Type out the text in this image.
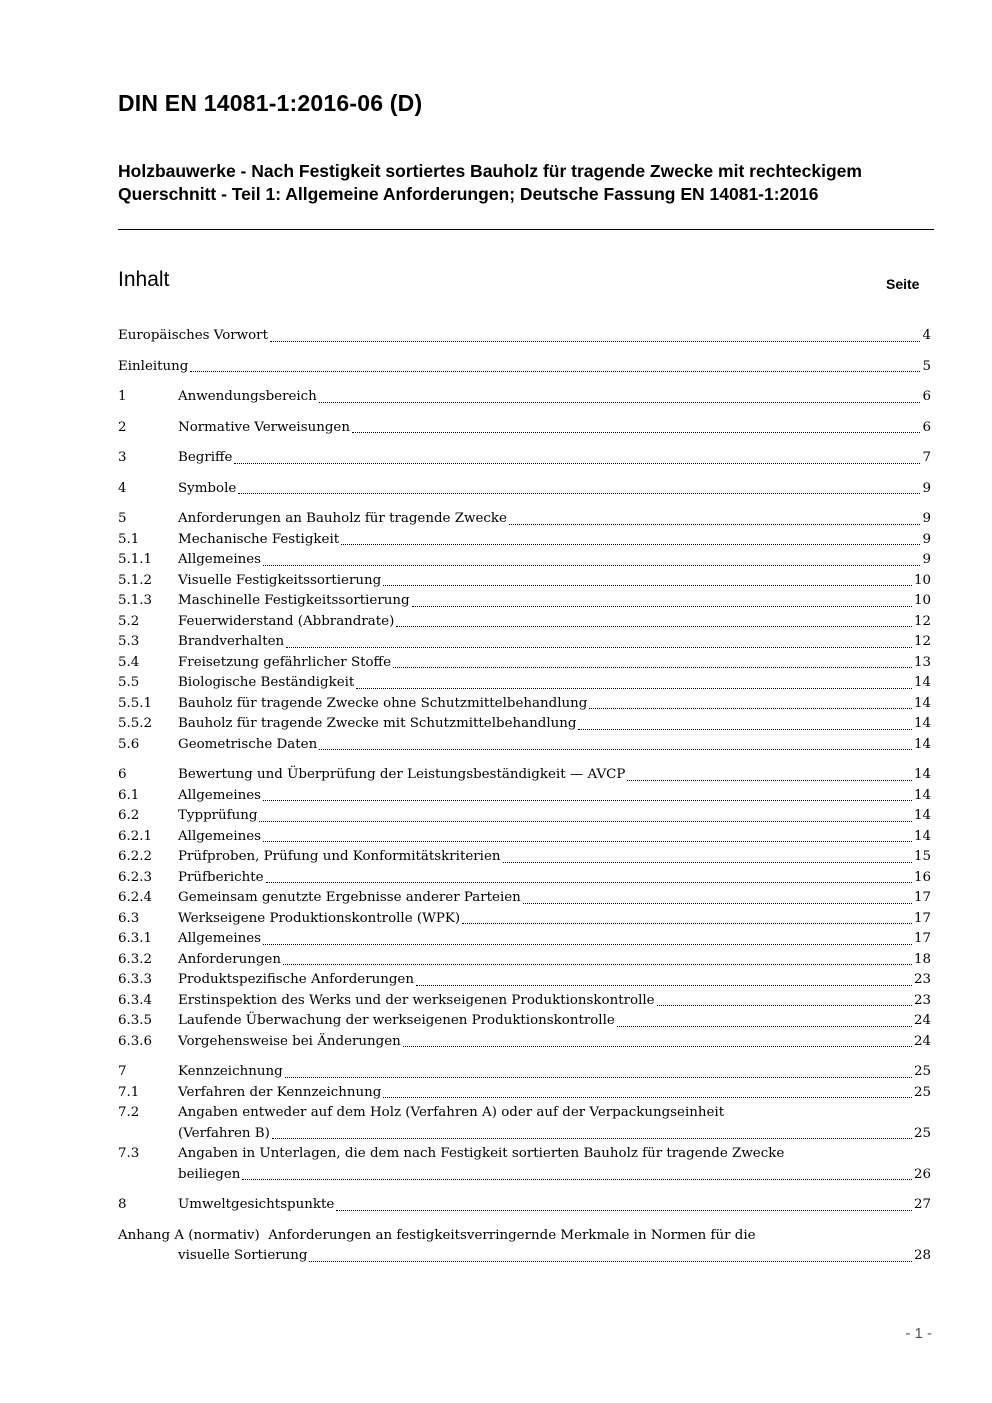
DIN EN 14081-1:2016-06 (D)
Holzbauwerke - Nach Festigkeit sortiertes Bauholz für tragende Zwecke mit rechteckigem Querschnitt - Teil 1: Allgemeine Anforderungen; Deutsche Fassung EN 14081-1:2016
Inhalt	Seite
Europäisches Vorwort	4
Einleitung	5
1	Anwendungsbereich	6
2	Normative Verweisungen	6
3	Begriffe	7
4	Symbole	9
5	Anforderungen an Bauholz für tragende Zwecke	9
5.1	Mechanische Festigkeit	9
5.1.1 Allgemeines	9
5.1.2 Visuelle Festigkeitssortierung	10
5.1.3 Maschinelle Festigkeitssortierung	10
5.2	Feuerwiderstand (Abbrandrate)	12
5.3	Brandverhalten	12
5.4	Freisetzung gefährlicher Stoffe	13
5.5	Biologische Beständigkeit	14
5.5.1 Bauholz für tragende Zwecke ohne Schutzmittelbehandlung	14
5.5.2 Bauholz für tragende Zwecke mit Schutzmittelbehandlung	14
5.6	Geometrische Daten	14
6	Bewertung und Überprüfung der Leistungsbeständigkeit — AVCP	14
6.1	Allgemeines	14
6.2	Typprüfung	14
6.2.1 Allgemeines	14
6.2.2 Prüfproben, Prüfung und Konformitätskriterien	15
6.2.3 Prüfberichte	16
6.2.4 Gemeinsam genutzte Ergebnisse anderer Parteien	17
6.3	Werkseigene Produktionskontrolle (WPK)	17
6.3.1 Allgemeines	17
6.3.2 Anforderungen	18
6.3.3 Produktspezifische Anforderungen	23
6.3.4 Erstinspektion des Werks und der werkseigenen Produktionskontrolle	23
6.3.5 Laufende Überwachung der werkseigenen Produktionskontrolle	24
6.3.6 Vorgehensweise bei Änderungen	24
7	Kennzeichnung	25
7.1	Verfahren der Kennzeichnung	25
7.2	Angaben entweder auf dem Holz (Verfahren A) oder auf der Verpackungseinheit
(Verfahren B)	25
7.3	Angaben in Unterlagen, die dem nach Festigkeit sortierten Bauholz für tragende Zwecke
beiliegen	26
8	Umweltgesichtspunkte	27
Anhang A (normativ) Anforderungen an festigkeitsverringernde Merkmale in Normen für die
visuelle Sortierung	28
- 1 -
